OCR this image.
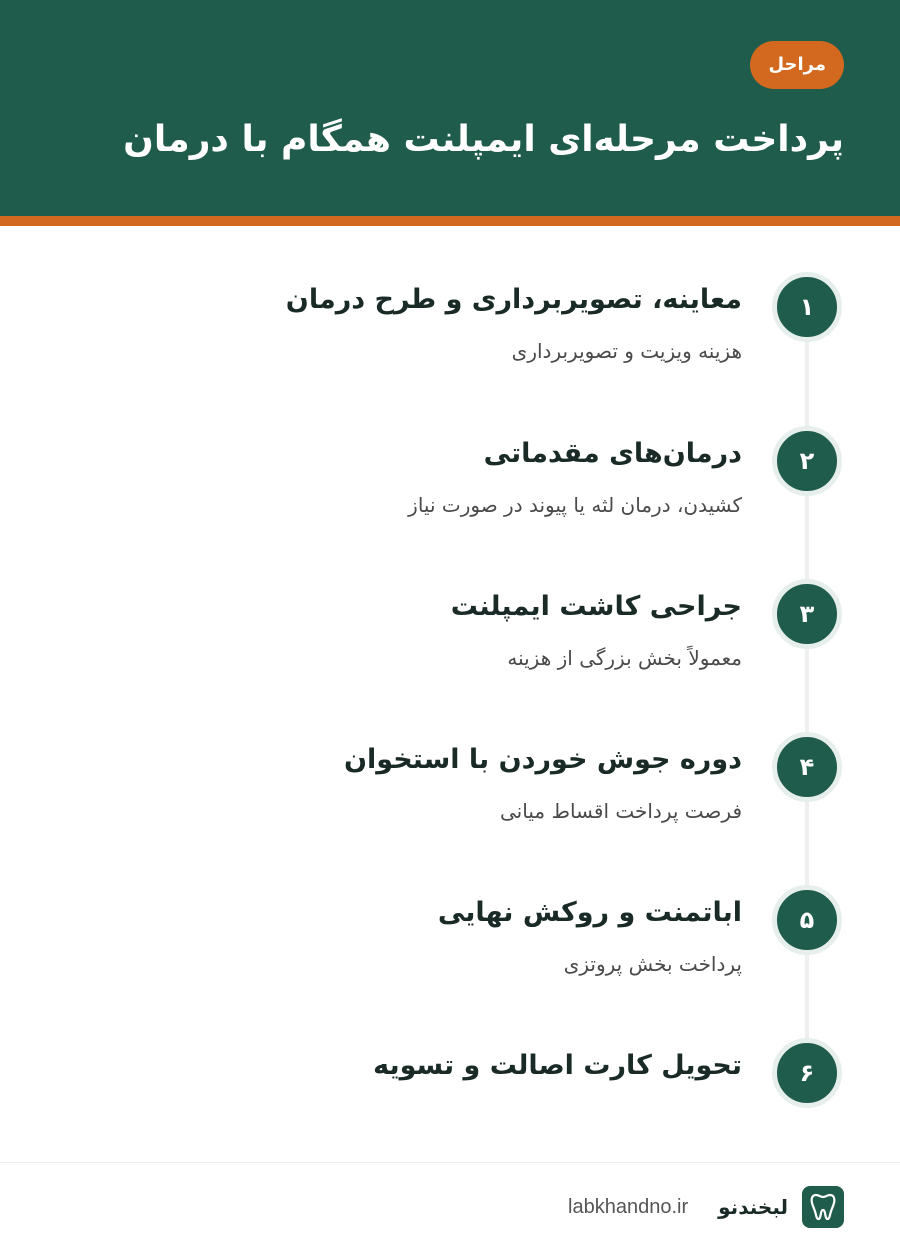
مراحل
پرداخت مرحله‌ای ایمپلنت همگام با درمان
۱
معاینه، تصویربرداری و طرح درمان
هزینه ویزیت و تصویربرداری
۲
درمان‌های مقدماتی
کشیدن، درمان لثه یا پیوند در صورت نیاز
۳
جراحی کاشت ایمپلنت
معمولاً بخش بزرگی از هزینه
۴
دوره جوش خوردن با استخوان
فرصت پرداخت اقساط میانی
۵
اباتمنت و روکش نهایی
پرداخت بخش پروتزی
۶
تحویل کارت اصالت و تسویه
لبخندنو
labkhandno.ir
